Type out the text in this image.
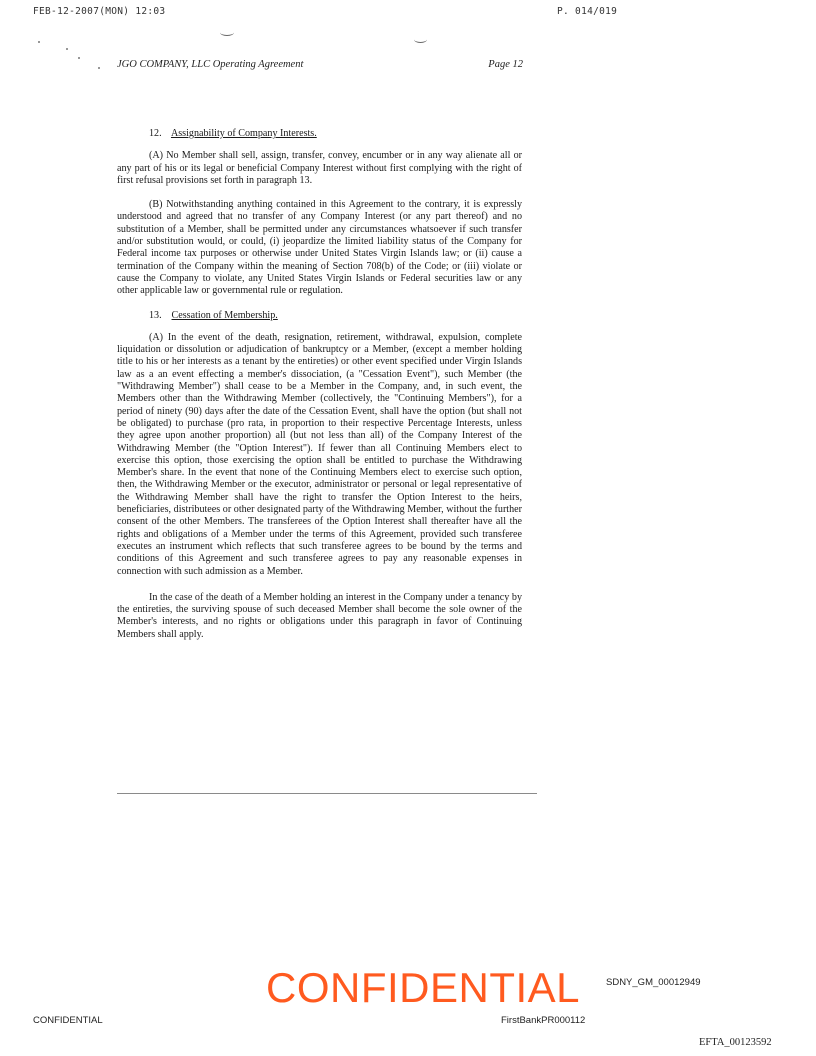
FEB-12-2007(MON) 12:03	P. 014/019
JGO COMPANY, LLC Operating Agreement	Page 12

12. Assignability of Company Interests.

(A) No Member shall sell, assign, transfer, convey, encumber or in any way alienate all or any part of his or its legal or beneficial Company Interest without first complying with the right of first refusal provisions set forth in paragraph 13.

(B) Notwithstanding anything contained in this Agreement to the contrary, it is expressly understood and agreed that no transfer of any Company Interest (or any part thereof) and no substitution of a Member, shall be permitted under any circumstances whatsoever if such transfer and/or substitution would, or could, (i) jeopardize the limited liability status of the Company for Federal income tax purposes or otherwise under United States Virgin Islands law; or (ii) cause a termination of the Company within the meaning of Section 708(b) of the Code; or (iii) violate or cause the Company to violate, any United States Virgin Islands or Federal securities law or any other applicable law or governmental rule or regulation.

13. Cessation of Membership.

(A) In the event of the death, resignation, retirement, withdrawal, expulsion, complete liquidation or dissolution or adjudication of bankruptcy or a Member, (except a member holding title to his or her interests as a tenant by the entireties) or other event specified under Virgin Islands law as a an event effecting a member's dissociation, (a "Cessation Event"), such Member (the "Withdrawing Member") shall cease to be a Member in the Company, and, in such event, the Members other than the Withdrawing Member (collectively, the "Continuing Members"), for a period of ninety (90) days after the date of the Cessation Event, shall have the option (but shall not be obligated) to purchase (pro rata, in proportion to their respective Percentage Interests, unless they agree upon another proportion) all (but not less than all) of the Company Interest of the Withdrawing Member (the "Option Interest"). If fewer than all Continuing Members elect to exercise this option, those exercising the option shall be entitled to purchase the Withdrawing Member's share. In the event that none of the Continuing Members elect to exercise such option, then, the Withdrawing Member or the executor, administrator or personal or legal representative of the Withdrawing Member shall have the right to transfer the Option Interest to the heirs, beneficiaries, distributees or other designated party of the Withdrawing Member, without the further consent of the other Members. The transferees of the Option Interest shall thereafter have all the rights and obligations of a Member under the terms of this Agreement, provided such transferee executes an instrument which reflects that such transferee agrees to be bound by the terms and conditions of this Agreement and such transferee agrees to pay any reasonable expenses in connection with such admission as a Member.

In the case of the death of a Member holding an interest in the Company under a tenancy by the entireties, the surviving spouse of such deceased Member shall become the sole owner of the Member's interests, and no rights or obligations under this paragraph in favor of Continuing Members shall apply.

CONFIDENTIAL	SDNY_GM_00012949
CONFIDENTIAL	FirstBankPR000112
EFTA_00123592
